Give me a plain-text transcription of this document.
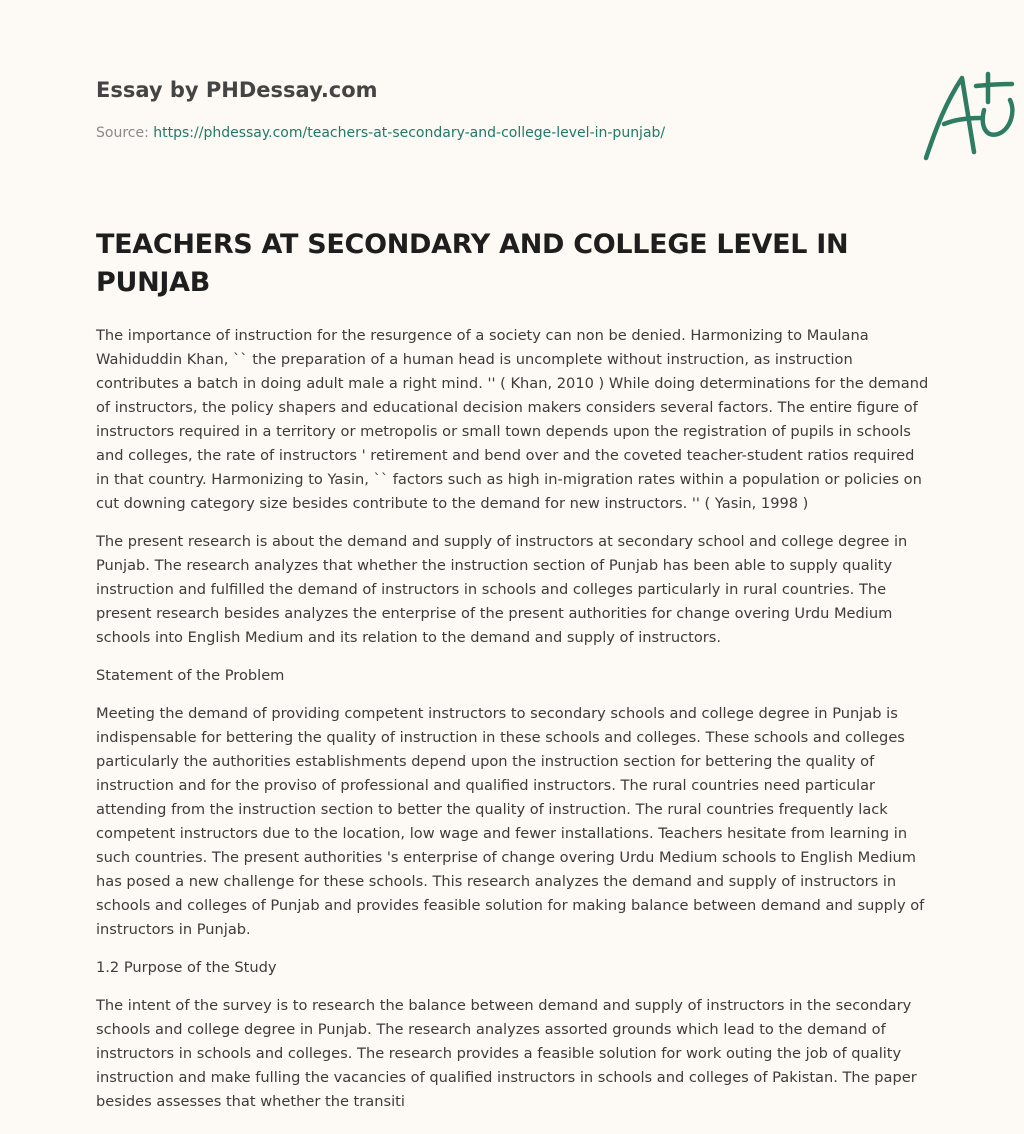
Essay by PHDessay.com
Source: https://phdessay.com/teachers-at-secondary-and-college-level-in-punjab/
TEACHERS AT SECONDARY AND COLLEGE LEVEL IN PUNJAB

The importance of instruction for the resurgence of a society can non be denied. Harmonizing to Maulana Wahiduddin Khan, `` the preparation of a human head is uncomplete without instruction, as instruction contributes a batch in doing adult male a right mind. '' ( Khan, 2010 ) While doing determinations for the demand of instructors, the policy shapers and educational decision makers considers several factors. The entire figure of instructors required in a territory or metropolis or small town depends upon the registration of pupils in schools and colleges, the rate of instructors ' retirement and bend over and the coveted teacher-student ratios required in that country. Harmonizing to Yasin, `` factors such as high in-migration rates within a population or policies on cut downing category size besides contribute to the demand for new instructors. '' ( Yasin, 1998 )

The present research is about the demand and supply of instructors at secondary school and college degree in Punjab. The research analyzes that whether the instruction section of Punjab has been able to supply quality instruction and fulfilled the demand of instructors in schools and colleges particularly in rural countries. The present research besides analyzes the enterprise of the present authorities for change overing Urdu Medium schools into English Medium and its relation to the demand and supply of instructors.

Statement of the Problem

Meeting the demand of providing competent instructors to secondary schools and college degree in Punjab is indispensable for bettering the quality of instruction in these schools and colleges. These schools and colleges particularly the authorities establishments depend upon the instruction section for bettering the quality of instruction and for the proviso of professional and qualified instructors. The rural countries need particular attending from the instruction section to better the quality of instruction. The rural countries frequently lack competent instructors due to the location, low wage and fewer installations. Teachers hesitate from learning in such countries. The present authorities 's enterprise of change overing Urdu Medium schools to English Medium has posed a new challenge for these schools. This research analyzes the demand and supply of instructors in schools and colleges of Punjab and provides feasible solution for making balance between demand and supply of instructors in Punjab.

1.2 Purpose of the Study

The intent of the survey is to research the balance between demand and supply of instructors in the secondary schools and college degree in Punjab. The research analyzes assorted grounds which lead to the demand of instructors in schools and colleges. The research provides a feasible solution for work outing the job of quality instruction and make fulling the vacancies of qualified instructors in schools and colleges of Pakistan. The paper besides assesses that whether the transiti
